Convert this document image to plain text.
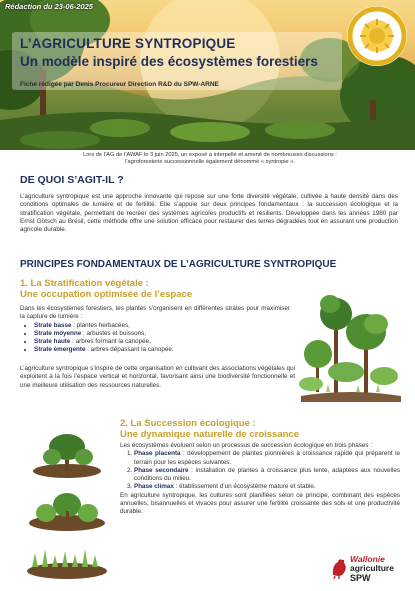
Rédaction du 23-06-2025
L’AGRICULTURE SYNTROPIQUE
Un modèle inspiré des écosystèmes forestiers
Fiche rédigée par Denis Procureur Direction R&D du SPW-ARNE
Lors de l’AG de l’AWAF le 3 juin 2025, un exposé a interpellé et amené de nombreuses discussions :
l’agroforesterie successionnelle également dénommé « syntropie ».
DE QUOI S’AGIT-IL ?
L’agriculture syntropique est une approche innovante qui repose sur une forte diversité végétale, cultivée à haute densité dans des conditions optimales de lumière et de fertilité. Elle s’appuie sur deux principes fondamentaux : la succession écologique et la stratification végétale, permettant de recréer des systèmes agricoles productifs et résilients. Développée dans les années 1980 par Ernst Götsch au Brésil, cette méthode offre une solution efficace pour restaurer des terres dégradées tout en assurant une production agricole durable.
PRINCIPES FONDAMENTAUX DE L’AGRICULTURE SYNTROPIQUE
1. La Stratification végétale :
Une occupation optimisée de l’espace
Dans les écosystèmes forestiers, les plantes s’organisent en différentes strates pour maximiser la capture de lumière :
• Strate basse : plantes herbacées,
• Strate moyenne : arbustes et buissons,
• Strate haute : arbres formant la canopée,
• Strate émergente : arbres dépassant la canopée.
L’agriculture syntropique s’inspire de cette organisation en cultivant des associations végétales qui exploitent à la fois l’espace vertical et horizontal, favorisant ainsi une biodiversité fonctionnelle et une meilleure utilisation des ressources naturelles.
2. La Succession écologique :
Une dynamique naturelle de croissance
Les écosystèmes évoluent selon un processus de succession écologique en trois phases :
1. Phase placenta : développement de plantes pionnières à croissance rapide qui préparent le terrain pour les espèces suivantes.
2. Phase secondaire : installation de plantes à croissance plus lente, adaptées aux nouvelles conditions du milieu.
3. Phase climax : établissement d’un écosystème mature et stable.
En agriculture syntropique, les cultures sont planifiées selon ce principe, combinant des espèces annuelles, bisannuelles et vivaces pour assurer une fertilité croissante des sols et une productivité durable.
Wallonie
agriculture
SPW
